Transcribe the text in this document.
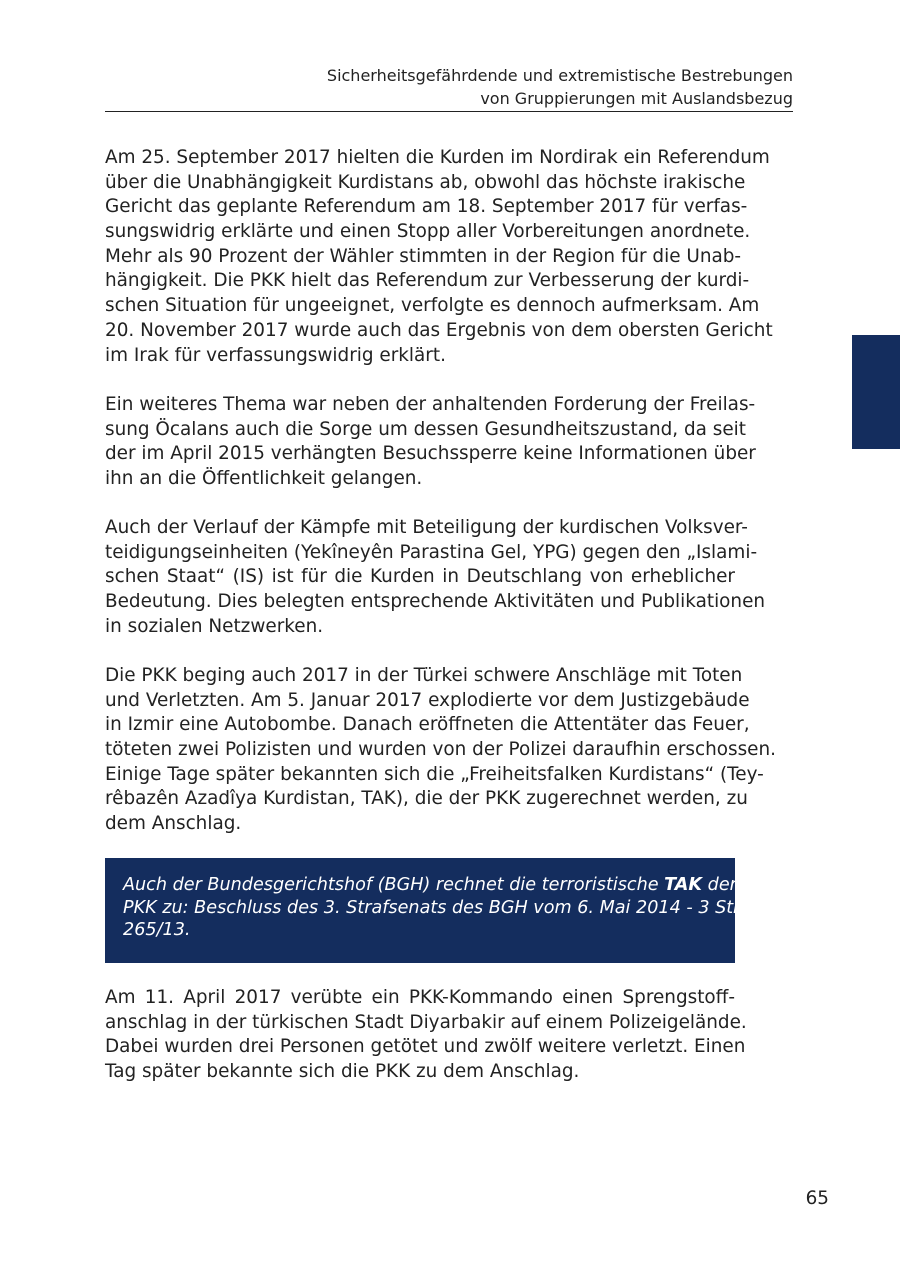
Sicherheitsgefährdende und extremistische Bestrebungen
von Gruppierungen mit Auslandsbezug
Am 25. September 2017 hielten die Kurden im Nordirak ein Referendum
über die Unabhängigkeit Kurdistans ab, obwohl das höchste irakische
Gericht das geplante Referendum am 18. September 2017 für verfas-
sungswidrig erklärte und einen Stopp aller Vorbereitungen anordnete.
Mehr als 90 Prozent der Wähler stimmten in der Region für die Unab-
hängigkeit. Die PKK hielt das Referendum zur Verbesserung der kurdi-
schen Situation für ungeeignet, verfolgte es dennoch aufmerksam. Am
20. November 2017 wurde auch das Ergebnis von dem obersten Gericht
im Irak für verfassungswidrig erklärt.
Ein weiteres Thema war neben der anhaltenden Forderung der Freilas-
sung Öcalans auch die Sorge um dessen Gesundheitszustand, da seit
der im April 2015 verhängten Besuchssperre keine Informationen über
ihn an die Öffentlichkeit gelangen.
Auch der Verlauf der Kämpfe mit Beteiligung der kurdischen Volksver-
teidigungseinheiten (Yekîneyên Parastina Gel, YPG) gegen den „Islami-
schen Staat“ (IS) ist für die Kurden in Deutschlang von erheblicher
Bedeutung. Dies belegten entsprechende Aktivitäten und Publikationen
in sozialen Netzwerken.
Die PKK beging auch 2017 in der Türkei schwere Anschläge mit Toten
und Verletzten. Am 5. Januar 2017 explodierte vor dem Justizgebäude
in Izmir eine Autobombe. Danach eröffneten die Attentäter das Feuer,
töteten zwei Polizisten und wurden von der Polizei daraufhin erschossen.
Einige Tage später bekannten sich die „Freiheitsfalken Kurdistans“ (Tey-
rêbazên Azadîya Kurdistan, TAK), die der PKK zugerechnet werden, zu
dem Anschlag.
Auch der Bundesgerichtshof (BGH) rechnet die terroristische TAK der
PKK zu: Beschluss des 3. Strafsenats des BGH vom 6. Mai 2014 - 3 StR
265/13.
Am 11. April 2017 verübte ein PKK-Kommando einen Sprengstoff-
anschlag in der türkischen Stadt Diyarbakir auf einem Polizeigelände.
Dabei wurden drei Personen getötet und zwölf weitere verletzt. Einen
Tag später bekannte sich die PKK zu dem Anschlag.
65
